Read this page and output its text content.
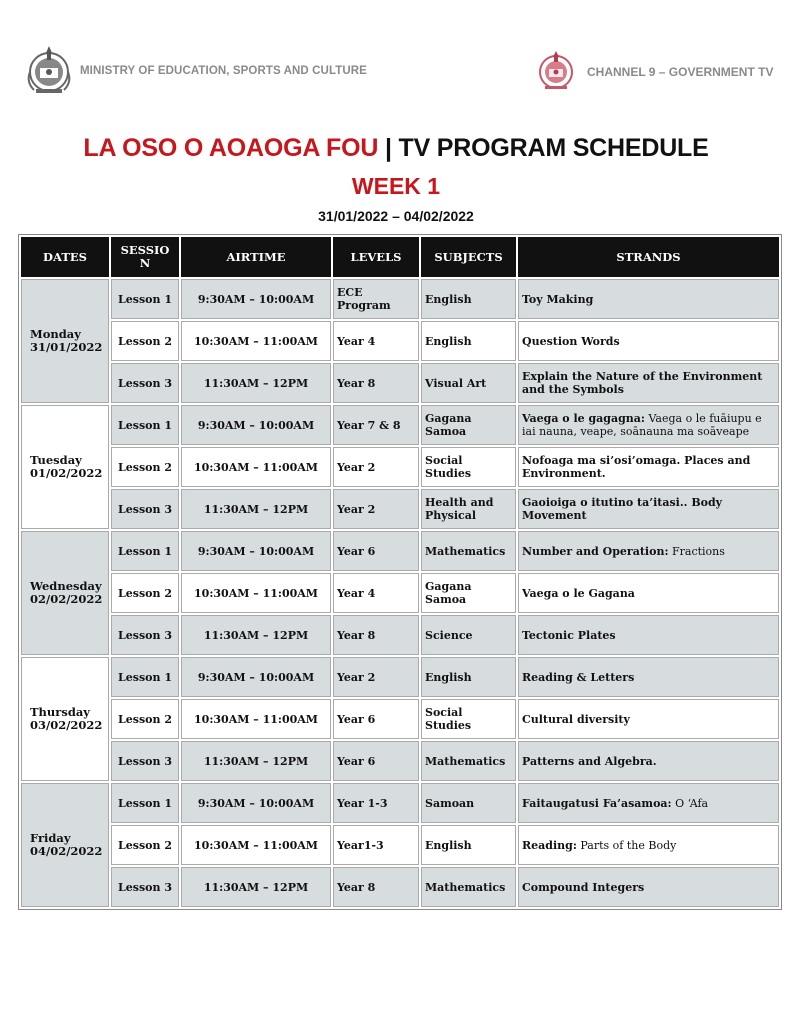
MINISTRY OF EDUCATION, SPORTS AND CULTURE	CHANNEL 9 – GOVERNMENT TV
LA OSO O AOAOGA FOU | TV PROGRAM SCHEDULE
WEEK 1
31/01/2022 – 04/02/2022
DATES	SESSIO N	AIRTIME	LEVELS	SUBJECTS	STRANDS
Monday 31/01/2022	Lesson 1	9:30AM – 10:00AM	ECE Program	English	Toy Making
	Lesson 2	10:30AM – 11:00AM	Year 4	English	Question Words
	Lesson 3	11:30AM – 12PM	Year 8	Visual Art	Explain the Nature of the Environment and the Symbols
Tuesday 01/02/2022	Lesson 1	9:30AM – 10:00AM	Year 7 & 8	Gagana Samoa	Vaega o le gagagna: Vaega o le fuāiupu e iai nauna, veape, soānauna ma soāveape
	Lesson 2	10:30AM – 11:00AM	Year 2	Social Studies	Nofoaga ma si’osi’omaga. Places and Environment.
	Lesson 3	11:30AM – 12PM	Year 2	Health and Physical	Gaoioiga o itutino ta’itasi.. Body Movement
Wednesday 02/02/2022	Lesson 1	9:30AM – 10:00AM	Year 6	Mathematics	Number and Operation: Fractions
	Lesson 2	10:30AM – 11:00AM	Year 4	Gagana Samoa	Vaega o le Gagana
	Lesson 3	11:30AM – 12PM	Year 8	Science	Tectonic Plates
Thursday 03/02/2022	Lesson 1	9:30AM – 10:00AM	Year 2	English	Reading & Letters
	Lesson 2	10:30AM – 11:00AM	Year 6	Social Studies	Cultural diversity
	Lesson 3	11:30AM – 12PM	Year 6	Mathematics	Patterns and Algebra.
Friday 04/02/2022	Lesson 1	9:30AM – 10:00AM	Year 1-3	Samoan	Faitaugatusi Fa’asamoa: O ‘Afa
	Lesson 2	10:30AM – 11:00AM	Year1-3	English	Reading: Parts of the Body
	Lesson 3	11:30AM – 12PM	Year 8	Mathematics	Compound Integers
